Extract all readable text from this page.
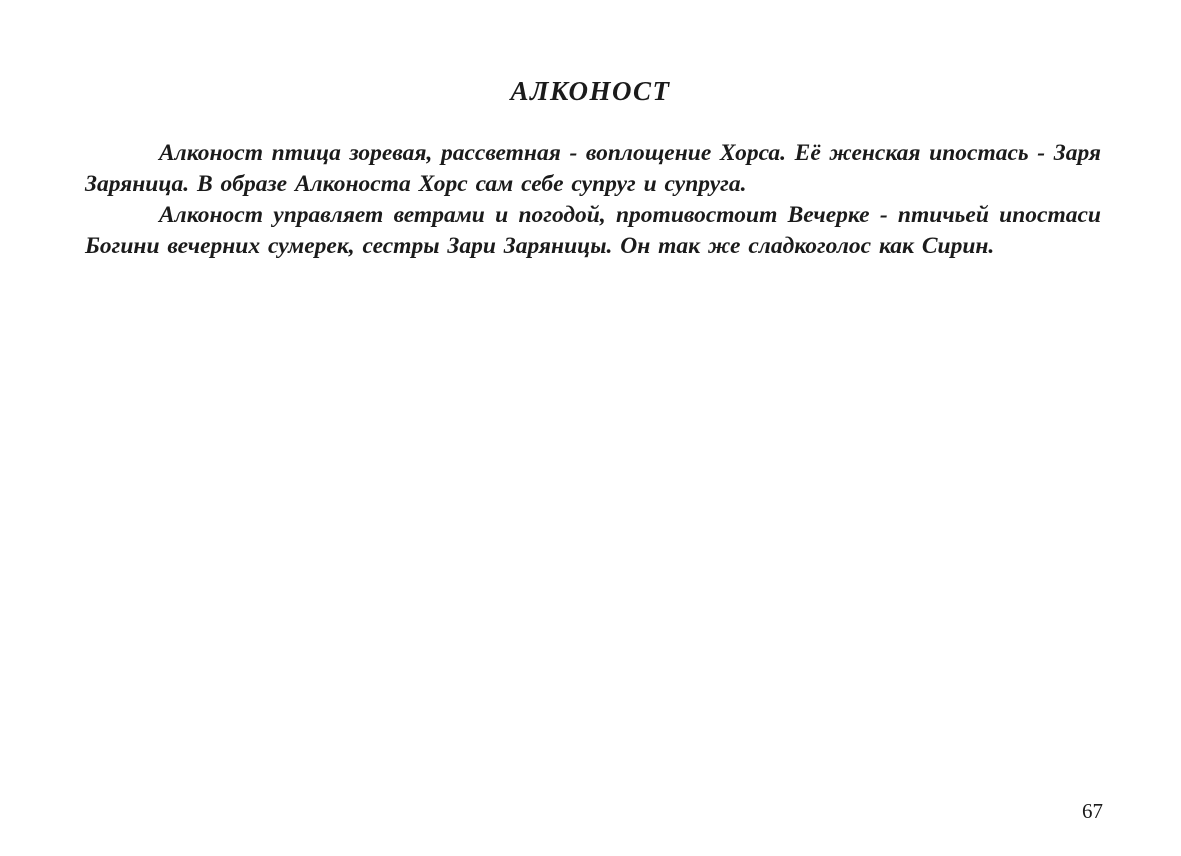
АЛКОНОСТ

Алконост птица зоревая, рассветная - воплощение Хорса. Её женская ипостась - Заря Заряница. В образе Алконоста Хорс сам себе супруг и супруга.

Алконост управляет ветрами и погодой, противостоит Вечерке - птичьей ипостаси Богини вечерних сумерек, сестры Зари Заряницы. Он так же сладкоголос как Сирин.

67
